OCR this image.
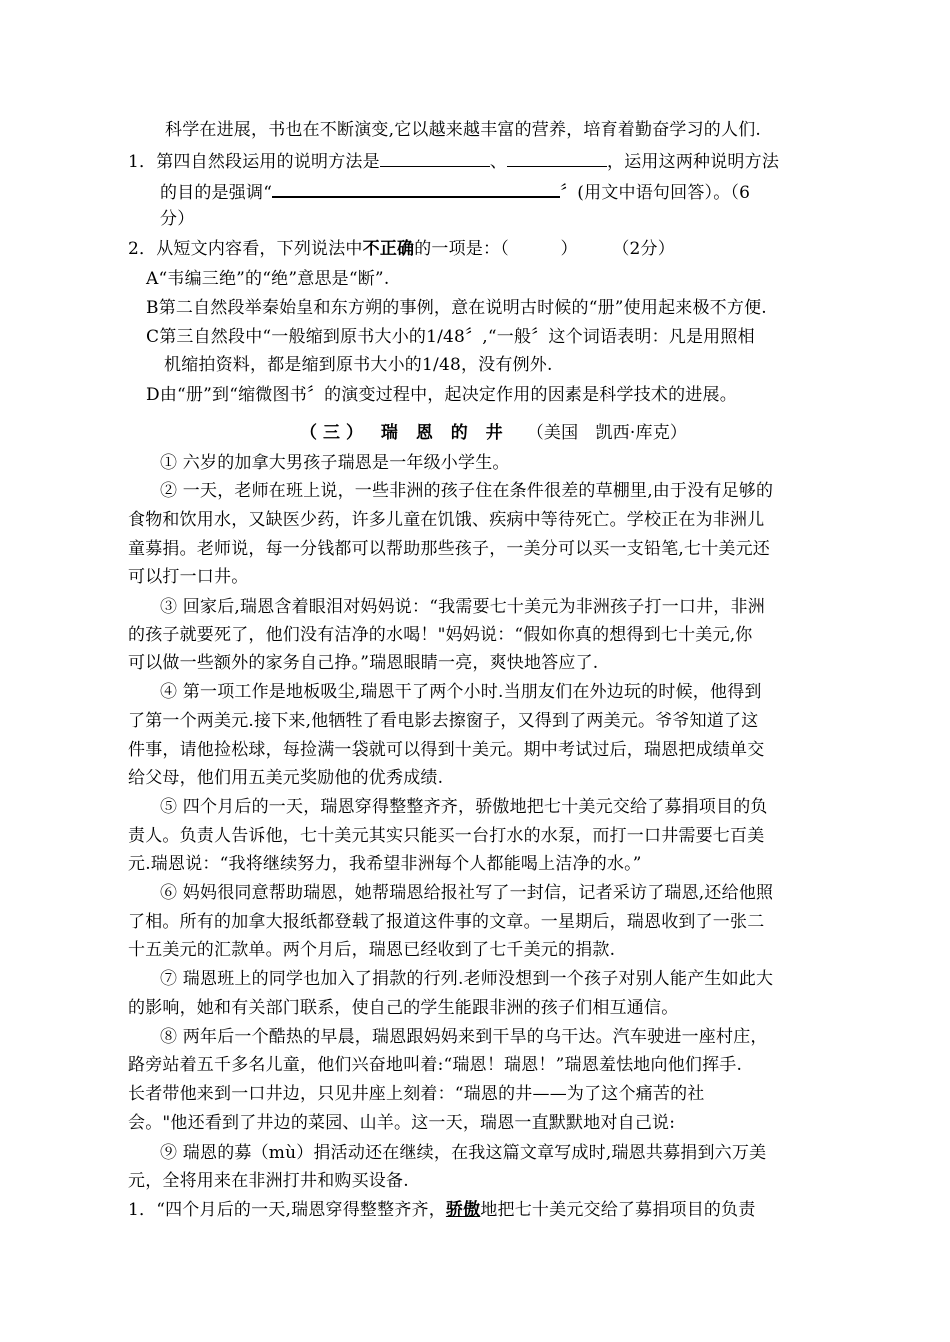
科学在进展，书也在不断演变,它以越来越丰富的营养，培育着勤奋学习的人们.
1．第四自然段运用的说明方法是	、	，运用这两种说明方法
的目的是强调“	〞(用文中语句回答）。（6
分）
2．从短文内容看，下列说法中不正确的一项是：（　　　）　　　（2分）
A“韦编三绝”的“绝”意思是“断”.
B第二自然段举秦始皇和东方朔的事例，意在说明古时候的“册”使用起来极不方便.
C第三自然段中“一般缩到原书大小的1/48〞,“一般〞这个词语表明：凡是用照相
机缩拍资料，都是缩到原书大小的1/48，没有例外.
D由“册”到“缩微图书〞的演变过程中，起决定作用的因素是科学技术的进展。
（三） 瑞 恩 的 井 （美国　凯西·库克）
① 六岁的加拿大男孩子瑞恩是一年级小学生。
② 一天，老师在班上说，一些非洲的孩子住在条件很差的草棚里,由于没有足够的
食物和饮用水，又缺医少药，许多儿童在饥饿、疾病中等待死亡。学校正在为非洲儿
童募捐。老师说，每一分钱都可以帮助那些孩子，一美分可以买一支铅笔,七十美元还
可以打一口井。
③ 回家后,瑞恩含着眼泪对妈妈说：“我需要七十美元为非洲孩子打一口井，非洲
的孩子就要死了，他们没有洁净的水喝！"妈妈说：“假如你真的想得到七十美元,你
可以做一些额外的家务自己挣。”瑞恩眼睛一亮，爽快地答应了.
④ 第一项工作是地板吸尘,瑞恩干了两个小时.当朋友们在外边玩的时候，他得到
了第一个两美元.接下来,他牺牲了看电影去擦窗子，又得到了两美元。爷爷知道了这
件事，请他捡松球，每捡满一袋就可以得到十美元。期中考试过后，瑞恩把成绩单交
给父母，他们用五美元奖励他的优秀成绩.
⑤ 四个月后的一天，瑞恩穿得整整齐齐，骄傲地把七十美元交给了募捐项目的负
责人。负责人告诉他，七十美元其实只能买一台打水的水泵，而打一口井需要七百美
元.瑞恩说：“我将继续努力，我希望非洲每个人都能喝上洁净的水。”
⑥ 妈妈很同意帮助瑞恩，她帮瑞恩给报社写了一封信，记者采访了瑞恩,还给他照
了相。所有的加拿大报纸都登载了报道这件事的文章。一星期后，瑞恩收到了一张二
十五美元的汇款单。两个月后，瑞恩已经收到了七千美元的捐款.
⑦ 瑞恩班上的同学也加入了捐款的行列.老师没想到一个孩子对别人能产生如此大
的影响，她和有关部门联系，使自己的学生能跟非洲的孩子们相互通信。
⑧ 两年后一个酷热的早晨，瑞恩跟妈妈来到干旱的乌干达。汽车驶进一座村庄，
路旁站着五千多名儿童，他们兴奋地叫着:“瑞恩！瑞恩！”瑞恩羞怯地向他们挥手.
长者带他来到一口井边，只见井座上刻着：“瑞恩的井——为了这个痛苦的社
会。"他还看到了井边的菜园、山羊。这一天，瑞恩一直默默地对自己说:
⑨ 瑞恩的募（mù）捐活动还在继续，在我这篇文章写成时,瑞恩共募捐到六万美
元，全将用来在非洲打井和购买设备.
1．“四个月后的一天,瑞恩穿得整整齐齐，骄傲地把七十美元交给了募捐项目的负责
